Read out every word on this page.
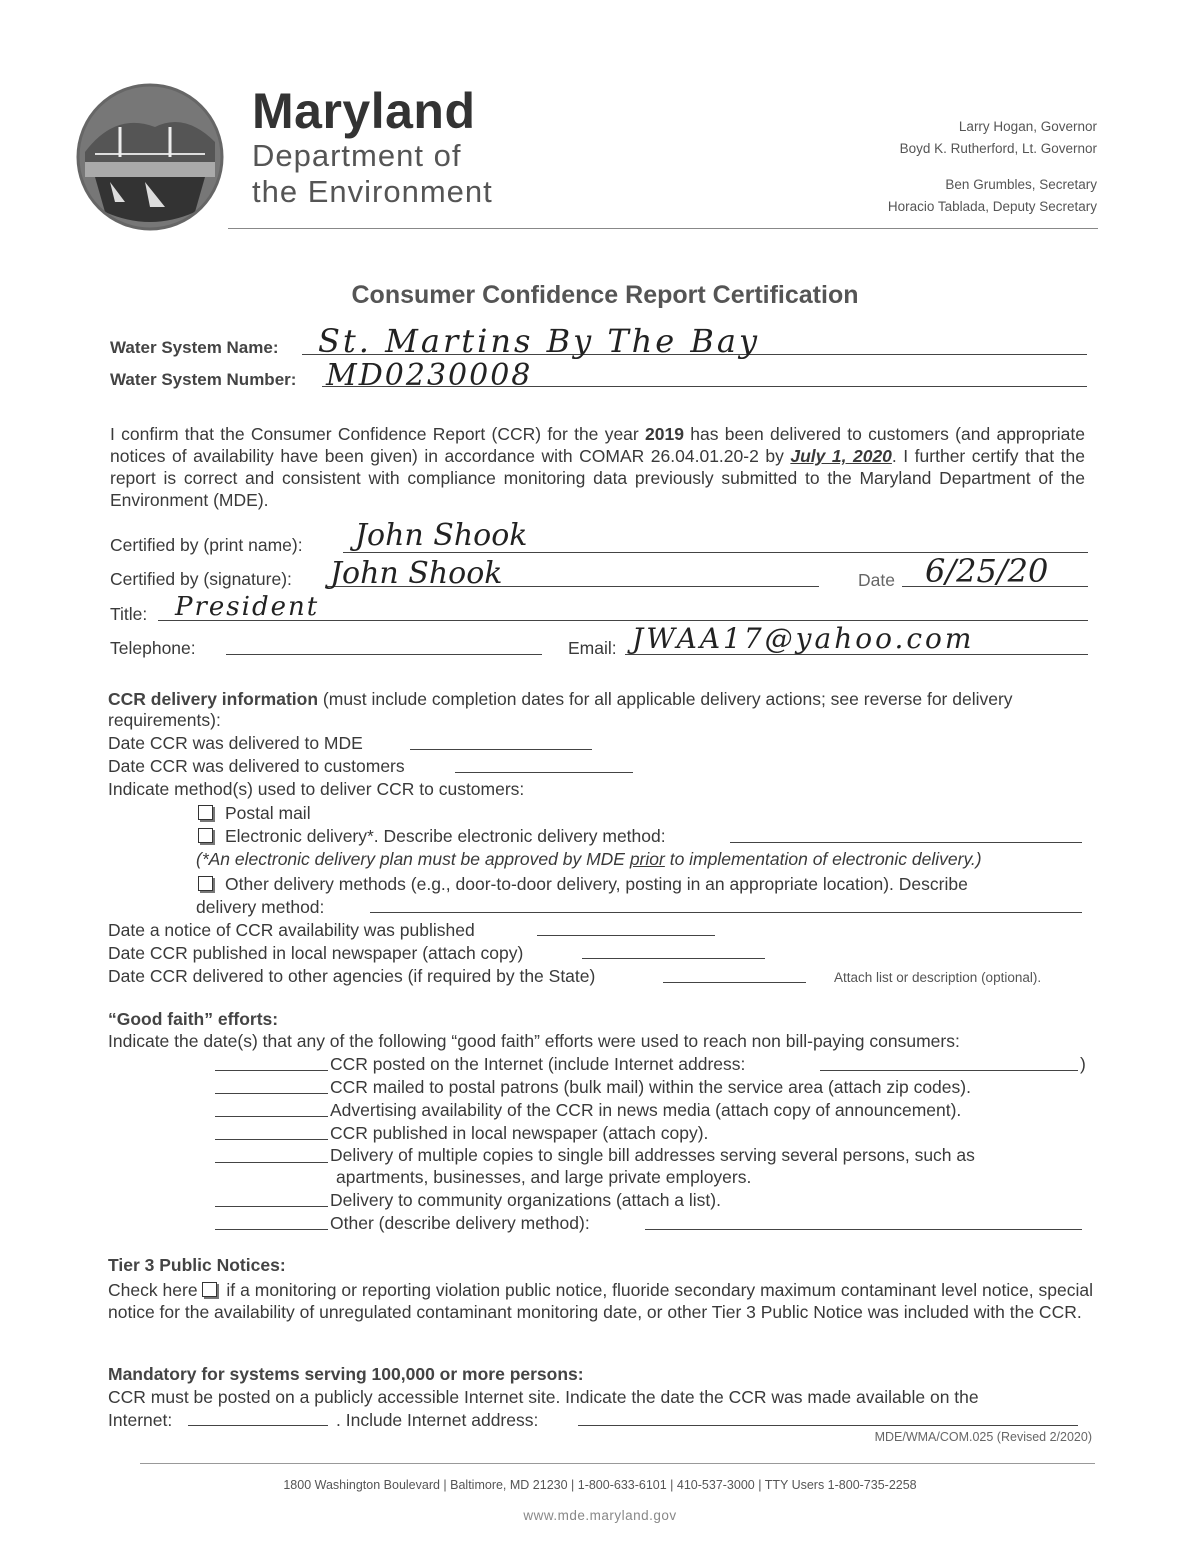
Maryland
Department of
the Environment
Larry Hogan, Governor
Boyd K. Rutherford, Lt. Governor
Ben Grumbles, Secretary
Horacio Tablada, Deputy Secretary
Consumer Confidence Report Certification
Water System Name: St. Martins By The Bay
Water System Number: MD0230008
I confirm that the Consumer Confidence Report (CCR) for the year 2019 has been delivered to customers (and appropriate notices of availability have been given) in accordance with COMAR 26.04.01.20-2 by July 1, 2020. I further certify that the report is correct and consistent with compliance monitoring data previously submitted to the Maryland Department of the Environment (MDE).
Certified by (print name): John Shook
Certified by (signature): John Shook	Date 6/25/20
Title: President
Telephone:	Email: JWAA17@yahoo.com
CCR delivery information (must include completion dates for all applicable delivery actions; see reverse for delivery requirements):
Date CCR was delivered to MDE
Date CCR was delivered to customers
Indicate method(s) used to deliver CCR to customers:
Postal mail
Electronic delivery*. Describe electronic delivery method:
(*An electronic delivery plan must be approved by MDE prior to implementation of electronic delivery.)
Other delivery methods (e.g., door-to-door delivery, posting in an appropriate location). Describe
delivery method:
Date a notice of CCR availability was published
Date CCR published in local newspaper (attach copy)
Date CCR delivered to other agencies (if required by the State)	Attach list or description (optional).
“Good faith” efforts:
Indicate the date(s) that any of the following “good faith” efforts were used to reach non bill-paying consumers:
CCR posted on the Internet (include Internet address:	)
CCR mailed to postal patrons (bulk mail) within the service area (attach zip codes).
Advertising availability of the CCR in news media (attach copy of announcement).
CCR published in local newspaper (attach copy).
Delivery of multiple copies to single bill addresses serving several persons, such as
apartments, businesses, and large private employers.
Delivery to community organizations (attach a list).
Other (describe delivery method):
Tier 3 Public Notices:
Check here  if a monitoring or reporting violation public notice, fluoride secondary maximum contaminant level notice, special notice for the availability of unregulated contaminant monitoring date, or other Tier 3 Public Notice was included with the CCR.
Mandatory for systems serving 100,000 or more persons:
CCR must be posted on a publicly accessible Internet site. Indicate the date the CCR was made available on the
Internet:	. Include Internet address:
MDE/WMA/COM.025 (Revised 2/2020)
1800 Washington Boulevard | Baltimore, MD 21230 | 1-800-633-6101 | 410-537-3000 | TTY Users 1-800-735-2258
www.mde.maryland.gov
